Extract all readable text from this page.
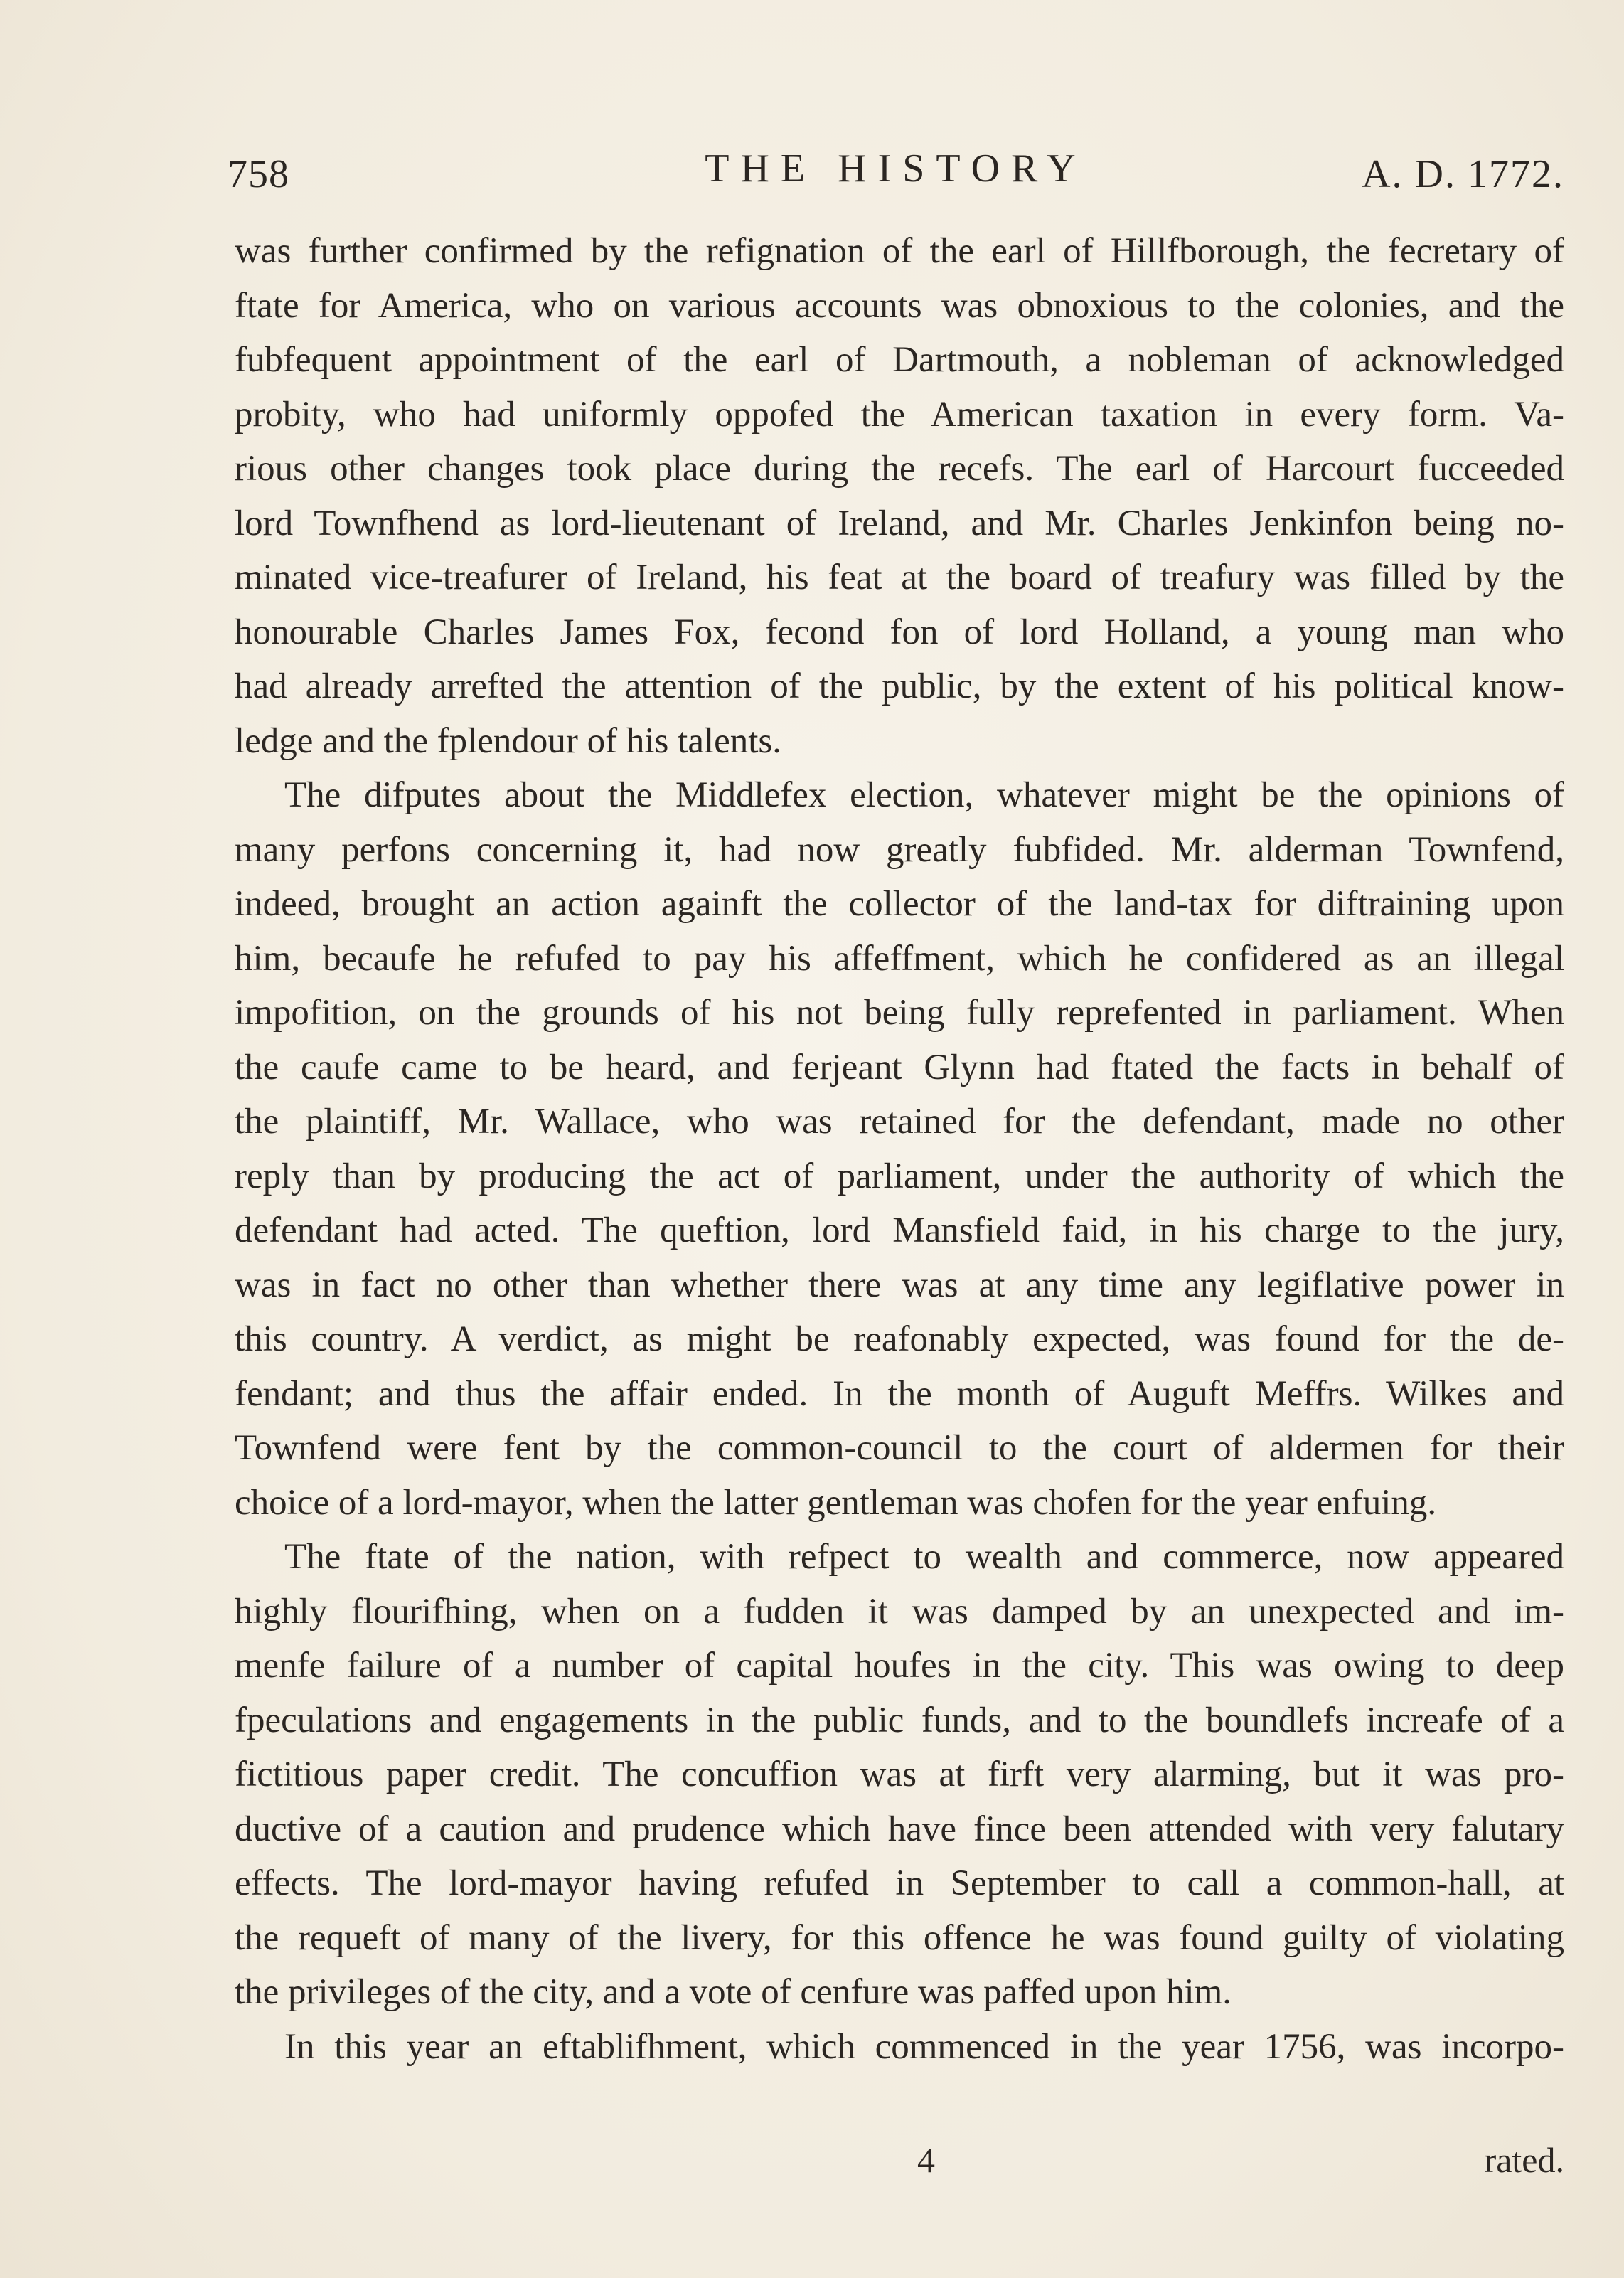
758	THE HISTORY	A. D. 1772.
was further confirmed by the refignation of the earl of Hillfborough, the fecretary of
ftate for America, who on various accounts was obnoxious to the colonies, and the
fubfequent appointment of the earl of Dartmouth, a nobleman of acknowledged
probity, who had uniformly oppofed the American taxation in every form. Va-
rious other changes took place during the recefs. The earl of Harcourt fucceeded
lord Townfhend as lord-lieutenant of Ireland, and Mr. Charles Jenkinfon being no-
minated vice-treafurer of Ireland, his feat at the board of treafury was filled by the
honourable Charles James Fox, fecond fon of lord Holland, a young man who
had already arrefted the attention of the public, by the extent of his political know-
ledge and the fplendour of his talents.
The difputes about the Middlefex election, whatever might be the opinions of
many perfons concerning it, had now greatly fubfided. Mr. alderman Townfend,
indeed, brought an action againft the collector of the land-tax for diftraining upon
him, becaufe he refufed to pay his affeffment, which he confidered as an illegal
impofition, on the grounds of his not being fully reprefented in parliament. When
the caufe came to be heard, and ferjeant Glynn had ftated the facts in behalf of
the plaintiff, Mr. Wallace, who was retained for the defendant, made no other
reply than by producing the act of parliament, under the authority of which the
defendant had acted. The queftion, lord Mansfield faid, in his charge to the jury,
was in fact no other than whether there was at any time any legiflative power in
this country. A verdict, as might be reafonably expected, was found for the de-
fendant; and thus the affair ended. In the month of Auguft Meffrs. Wilkes and
Townfend were fent by the common-council to the court of aldermen for their
choice of a lord-mayor, when the latter gentleman was chofen for the year enfuing.
The ftate of the nation, with refpect to wealth and commerce, now appeared
highly flourifhing, when on a fudden it was damped by an unexpected and im-
menfe failure of a number of capital houfes in the city. This was owing to deep
fpeculations and engagements in the public funds, and to the boundlefs increafe of a
fictitious paper credit. The concuffion was at firft very alarming, but it was pro-
ductive of a caution and prudence which have fince been attended with very falutary
effects. The lord-mayor having refufed in September to call a common-hall, at
the requeft of many of the livery, for this offence he was found guilty of violating
the privileges of the city, and a vote of cenfure was paffed upon him.
In this year an eftablifhment, which commenced in the year 1756, was incorpo-
4	rated.
